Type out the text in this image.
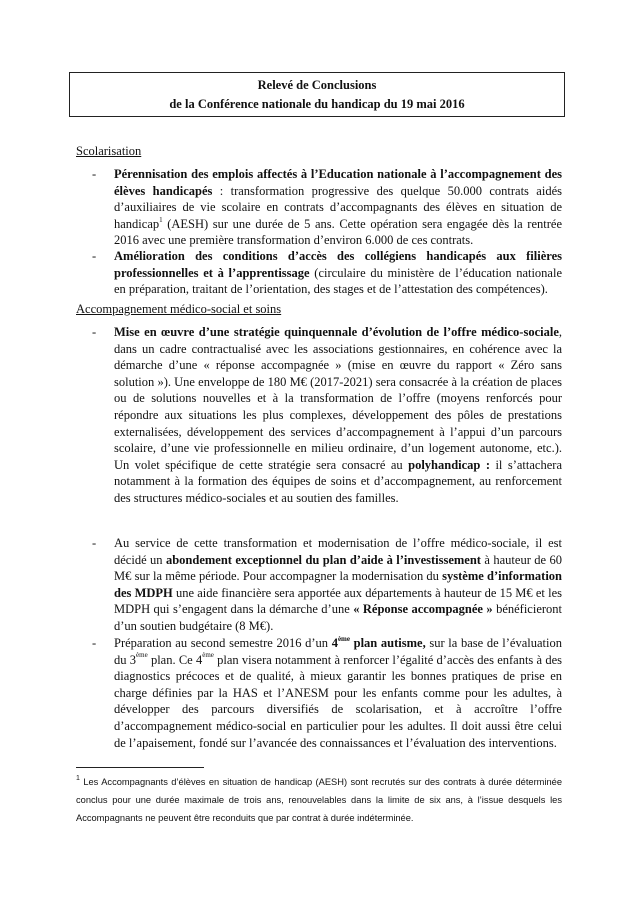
Relevé de Conclusions
de la Conférence nationale du handicap du 19 mai 2016
Scolarisation
- Pérennisation des emplois affectés à l’Education nationale à l’accompagnement des élèves handicapés : transformation progressive des quelque 50.000 contrats aidés d’auxiliaires de vie scolaire en contrats d’accompagnants des élèves en situation de handicap$^1$ (AESH) sur une durée de 5 ans. Cette opération sera engagée dès la rentrée 2016 avec une première transformation d’environ 6.000 de ces contrats.
- Amélioration des conditions d’accès des collégiens handicapés aux filières professionnelles et à l’apprentissage (circulaire du ministère de l’éducation nationale en préparation, traitant de l’orientation, des stages et de l’attestation des compétences).
Accompagnement médico-social et soins
- Mise en œuvre d’une stratégie quinquennale d’évolution de l’offre médico-sociale, dans un cadre contractualisé avec les associations gestionnaires, en cohérence avec la démarche d’une « réponse accompagnée » (mise en œuvre du rapport « Zéro sans solution »). Une enveloppe de 180 M€ (2017-2021) sera consacrée à la création de places ou de solutions nouvelles et à la transformation de l’offre (moyens renforcés pour répondre aux situations les plus complexes, développement des pôles de prestations externalisées, développement des services d’accompagnement à l’appui d’un parcours scolaire, d’une vie professionnelle en milieu ordinaire, d’un logement autonome, etc.). Un volet spécifique de cette stratégie sera consacré au polyhandicap : il s’attachera notamment à la formation des équipes de soins et d’accompagnement, au renforcement des structures médico-sociales et au soutien des familles.
- Au service de cette transformation et modernisation de l’offre médico-sociale, il est décidé un abondement exceptionnel du plan d’aide à l’investissement à hauteur de 60 M€ sur la même période. Pour accompagner la modernisation du système d’information des MDPH une aide financière sera apportée aux départements à hauteur de 15 M€ et les MDPH qui s’engagent dans la démarche d’une « Réponse accompagnée » bénéficieront d’un soutien budgétaire (8 M€).
- Préparation au second semestre 2016 d’un 4ème plan autisme, sur la base de l’évaluation du 3ème plan. Ce 4ème plan visera notamment à renforcer l’égalité d’accès des enfants à des diagnostics précoces et de qualité, à mieux garantir les bonnes pratiques de prise en charge définies par la HAS et l’ANESM pour les enfants comme pour les adultes, à développer des parcours diversifiés de scolarisation, et à accroître l’offre d’accompagnement médico-social en particulier pour les adultes. Il doit aussi être celui de l’apaisement, fondé sur l’avancée des connaissances et l’évaluation des interventions.
$^1$ Les Accompagnants d’élèves en situation de handicap (AESH) sont recrutés sur des contrats à durée déterminée conclus pour une durée maximale de trois ans, renouvelables dans la limite de six ans, à l’issue desquels les Accompagnants ne peuvent être reconduits que par contrat à durée indéterminée.
